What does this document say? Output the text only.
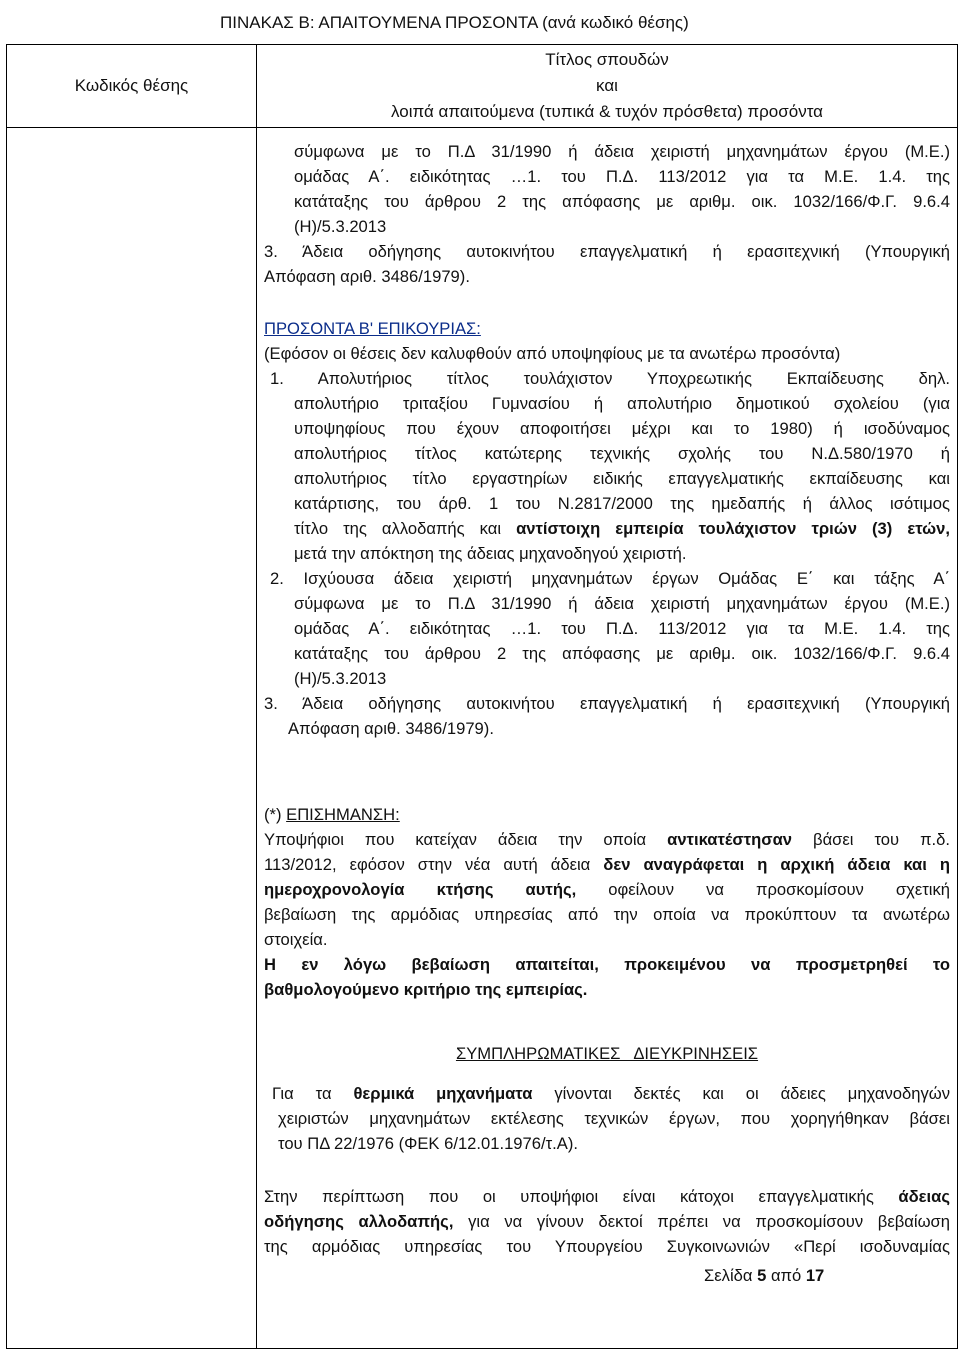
ΠΙΝΑΚΑΣ Β: ΑΠΑΙΤΟΥΜΕΝΑ ΠΡΟΣΟΝΤΑ (ανά κωδικό θέσης)
Κωδικός θέσης	Τίτλος σπουδών
και
λοιπά απαιτούμενα (τυπικά & τυχόν πρόσθετα) προσόντα

σύμφωνα με το Π.Δ 31/1990 ή άδεια χειριστή μηχανημάτων έργου (Μ.Ε.)

ομάδας Α΄. ειδικότητας …1. του Π.Δ. 113/2012 για τα Μ.Ε. 1.4. της

κατάταξης του άρθρου 2 της απόφασης με αριθμ. οικ. 1032/166/Φ.Γ. 9.6.4

(Η)/5.3.2013

3. Άδεια οδήγησης αυτοκινήτου επαγγελματική ή ερασιτεχνική (Υπουργική

Απόφαση αριθ. 3486/1979).

ΠΡΟΣΟΝΤΑ Β' ΕΠΙΚΟΥΡΙΑΣ:

(Εφόσον οι θέσεις δεν καλυφθούν από υποψηφίους με τα ανωτέρω προσόντα)

1. Απολυτήριος τίτλος τουλάχιστον Υποχρεωτικής Εκπαίδευσης δηλ.

απολυτήριο τριταξίου Γυμνασίου ή απολυτήριο δημοτικού σχολείου (για

υποψηφίους που έχουν αποφοιτήσει μέχρι και το 1980) ή ισοδύναμος

απολυτήριος τίτλος κατώτερης τεχνικής σχολής του Ν.Δ.580/1970 ή

απολυτήριος τίτλο εργαστηρίων ειδικής επαγγελματικής εκπαίδευσης και

κατάρτισης, του άρθ. 1 του Ν.2817/2000 της ημεδαπής ή άλλος ισότιμος

τίτλο της αλλοδαπής και αντίστοιχη εμπειρία τουλάχιστον τριών (3) ετών,

μετά την απόκτηση της άδειας μηχανοδηγού χειριστή.

2. Ισχύουσα άδεια χειριστή μηχανημάτων έργων Ομάδας Ε΄ και τάξης Α΄

σύμφωνα με το Π.Δ 31/1990 ή άδεια χειριστή μηχανημάτων έργου (Μ.Ε.)

ομάδας Α΄. ειδικότητας …1. του Π.Δ. 113/2012 για τα Μ.Ε. 1.4. της

κατάταξης του άρθρου 2 της απόφασης με αριθμ. οικ. 1032/166/Φ.Γ. 9.6.4

(Η)/5.3.2013

3. Άδεια οδήγησης αυτοκινήτου επαγγελματική ή ερασιτεχνική (Υπουργική

Απόφαση αριθ. 3486/1979).

(*) ΕΠΙΣΗΜΑΝΣΗ:

Υποψήφιοι που κατείχαν άδεια την οποία αντικατέστησαν βάσει του π.δ.

113/2012, εφόσον στην νέα αυτή άδεια δεν αναγράφεται η αρχική άδεια και η

ημεροχρονολογία κτήσης αυτής, οφείλουν να προσκομίσουν σχετική

βεβαίωση της αρμόδιας υπηρεσίας από την οποία να προκύπτουν τα ανωτέρω

στοιχεία.

Η εν λόγω βεβαίωση απαιτείται, προκειμένου να προσμετρηθεί το

βαθμολογούμενο κριτήριο της εμπειρίας.

ΣΥΜΠΛΗΡΩΜΑΤΙΚΕΣ   ΔΙΕΥΚΡΙΝΗΣΕΙΣ

Για τα θερμικά μηχανήματα γίνονται δεκτές και οι άδειες μηχανοδηγών

χειριστών μηχανημάτων εκτέλεσης τεχνικών έργων, που χορηγήθηκαν βάσει

του ΠΔ 22/1976 (ΦΕΚ 6/12.01.1976/τ.Α).

Στην περίπτωση που οι υποψήφιοι είναι κάτοχοι επαγγελματικής άδειας

οδήγησης αλλοδαπής, για να γίνουν δεκτοί πρέπει να προσκομίσουν βεβαίωση

της αρμόδιας υπηρεσίας του Υπουργείου Συγκοινωνιών «Περί ισοδυναμίας

Σελίδα 5 από 17
